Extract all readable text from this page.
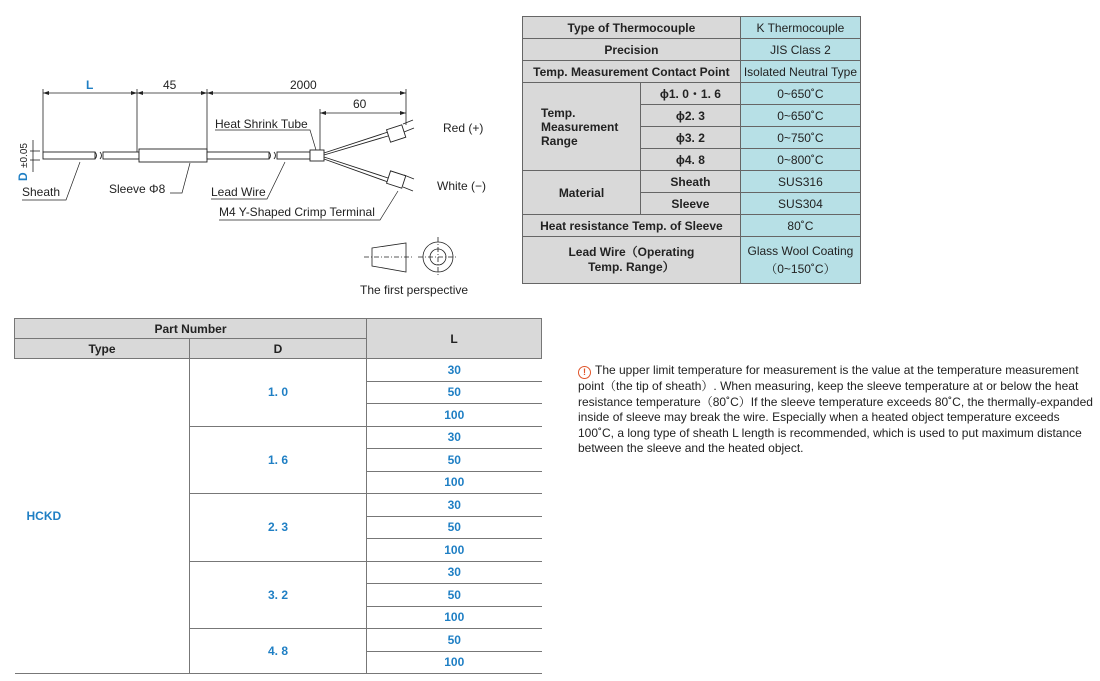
L	45	2000
60
D
±0.05
Heat Shrink Tube	Red (+)
White (−)
Sheath	Sleeve Φ8	Lead Wire
M4 Y-Shaped Crimp Terminal
The first perspective
Type of Thermocouple		K Thermocouple
Precision		JIS Class 2
Temp. Measurement Contact Point		Isolated Neutral Type
Temp.
Measurement
Range	ϕ1. 0・1. 6	0~650˚C
	ϕ2. 3	0~650˚C
	ϕ3. 2	0~750˚C
	ϕ4. 8	0~800˚C
Material	Sheath	SUS316
	Sleeve	SUS304
Heat resistance Temp. of Sleeve		80˚C
Lead Wire（Operating
Temp. Range）		Glass Wool Coating
（0~150˚C）
Part Number		L
Type	D	
HCKD	1. 0	30
		50
		100
	1. 6	30
		50
		100
	2. 3	30
		50
		100
	3. 2	30
		50
		100
	4. 8	50
		100
! The upper limit temperature for measurement is the value at the temperature measurement point（the tip of sheath）. When measuring, keep the sleeve temperature at or below the heat resistance temperature（80˚C）If the sleeve temperature exceeds 80˚C, the thermally-expanded inside of sleeve may break the wire. Especially when a heated object temperature exceeds 100˚C, a long type of sheath L length is recommended, which is used to put maximum distance between the sleeve and the heated object.
